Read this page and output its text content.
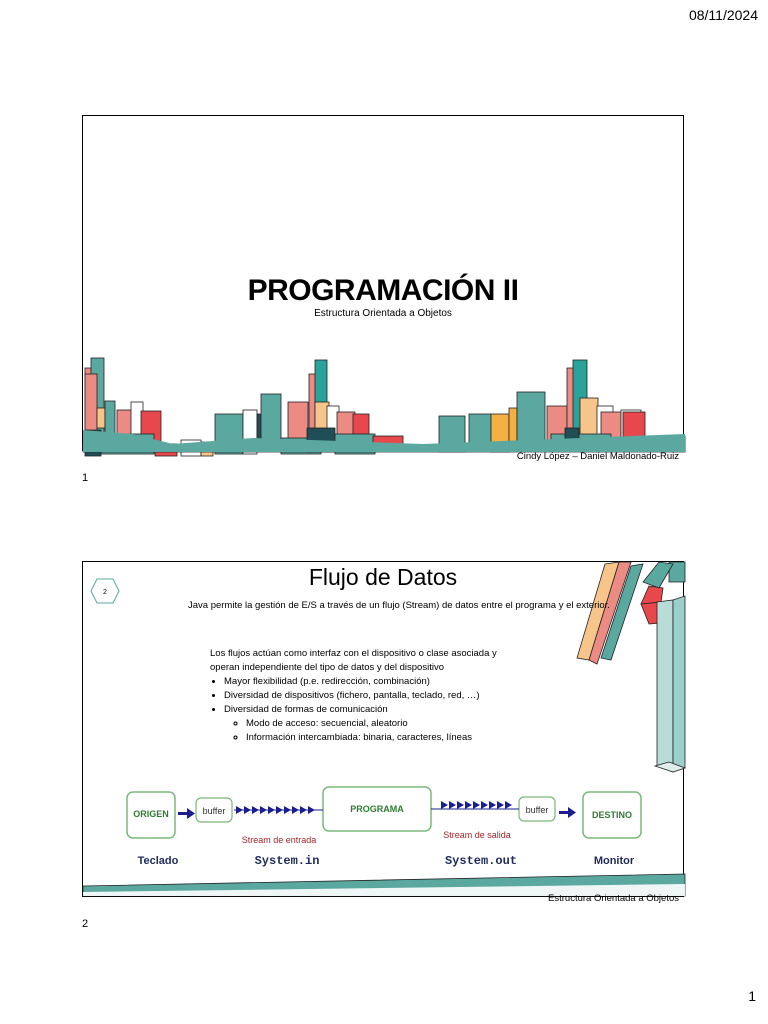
08/11/2024
PROGRAMACIÓN II
Estructura Orientada a Objetos
Cindy López – Daniel Maldonado-Ruiz
1
2
Flujo de Datos
Java permite la gestión de E/S a través de un flujo (Stream) de datos entre el programa y el exterior.
Los flujos actúan como interfaz con el dispositivo o clase asociada y
operan independiente del tipo de datos y del dispositivo
• Mayor flexibilidad (p.e. redirección, combinación)
• Diversidad de dispositivos (fichero, pantalla, teclado, red, …)
• Diversidad de formas de comunicación
◦ Modo de acceso: secuencial, aleatorio
◦ Información intercambiada: binaria, caracteres, líneas
ORIGEN	buffer	PROGRAMA	buffer	DESTINO
Stream de entrada	Stream de salida
Teclado	System.in	System.out	Monitor
Estructura Orientada a Objetos
2
1
